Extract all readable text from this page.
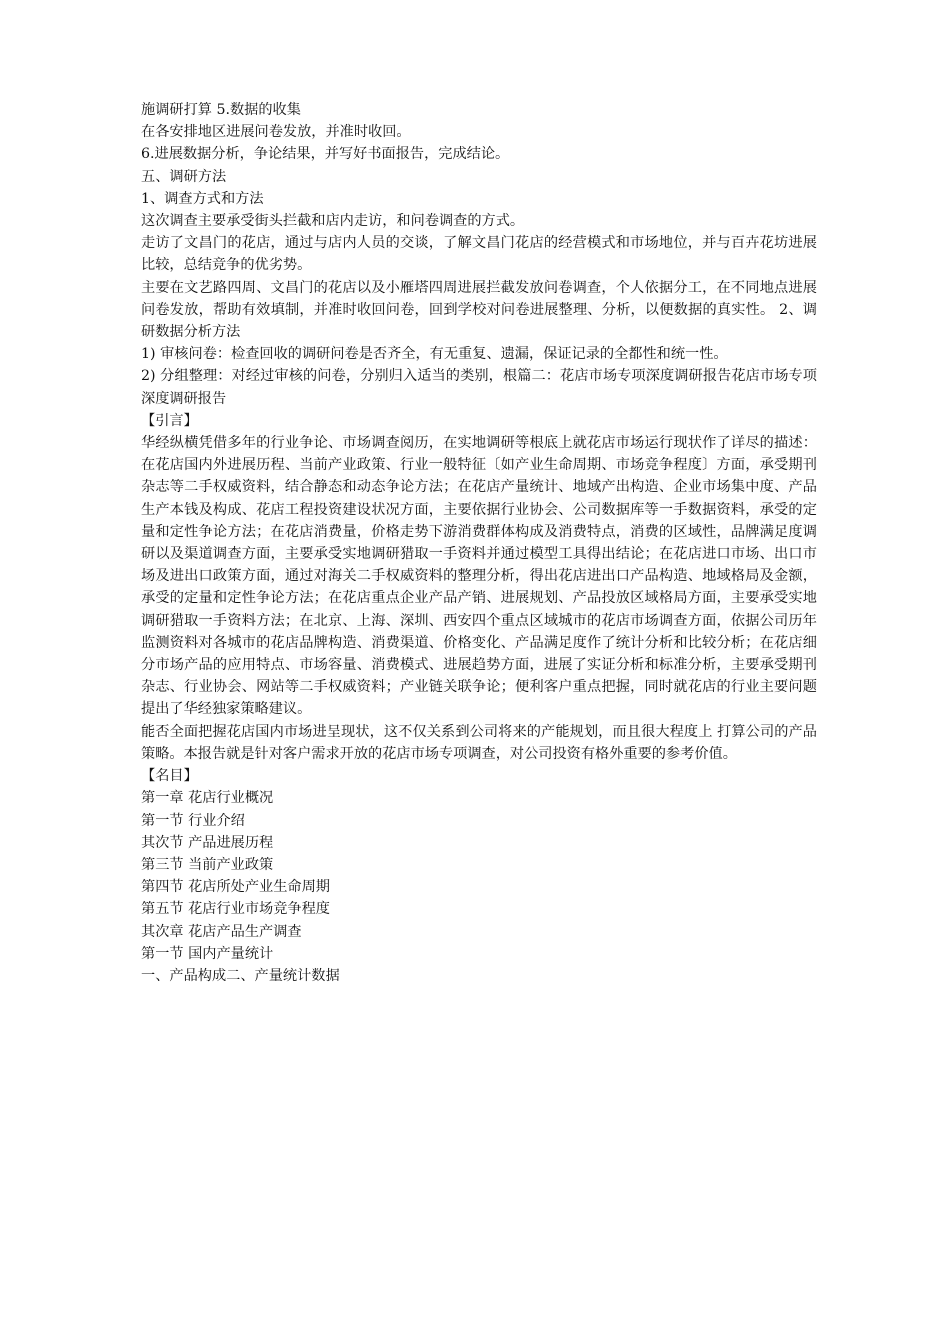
施调研打算 5.数据的收集

在各安排地区进展问卷发放，并准时收回。

6.进展数据分析，争论结果，并写好书面报告，完成结论。

五、调研方法

1、调查方式和方法

这次调查主要承受街头拦截和店内走访，和问卷调查的方式。

走访了文昌门的花店，通过与店内人员的交谈，了解文昌门花店的经营模式和市场地位，并与百卉花坊进展比较，总结竞争的优劣势。

主要在文艺路四周、文昌门的花店以及小雁塔四周进展拦截发放问卷调查，个人依据分工，在不同地点进展问卷发放，帮助有效填制，并准时收回问卷，回到学校对问卷进展整理、分析，以便数据的真实性。 2、调研数据分析方法

1) 审核问卷：检查回收的调研问卷是否齐全，有无重复、遗漏，保证记录的全都性和统一性。

2) 分组整理：对经过审核的问卷，分别归入适当的类别，根篇二：花店市场专项深度调研报告花店市场专项深度调研报告

【引言】

华经纵横凭借多年的行业争论、市场调查阅历，在实地调研等根底上就花店市场运行现状作了详尽的描述：在花店国内外进展历程、当前产业政策、行业一般特征〔如产业生命周期、市场竞争程度〕方面，承受期刊杂志等二手权威资料，结合静态和动态争论方法；在花店产量统计、地域产出构造、企业市场集中度、产品生产本钱及构成、花店工程投资建设状况方面，主要依据行业协会、公司数据库等一手数据资料，承受的定量和定性争论方法；在花店消费量，价格走势下游消费群体构成及消费特点，消费的区域性，品牌满足度调研以及渠道调查方面，主要承受实地调研猎取一手资料并通过模型工具得出结论；在花店进口市场、出口市场及进出口政策方面，通过对海关二手权威资料的整理分析，得出花店进出口产品构造、地域格局及金额，承受的定量和定性争论方法；在花店重点企业产品产销、进展规划、产品投放区域格局方面，主要承受实地调研猎取一手资料方法；在北京、上海、深圳、西安四个重点区域城市的花店市场调查方面，依据公司历年监测资料对各城市的花店品牌构造、消费渠道、价格变化、产品满足度作了统计分析和比较分析；在花店细分市场产品的应用特点、市场容量、消费模式、进展趋势方面，进展了实证分析和标准分析，主要承受期刊杂志、行业协会、网站等二手权威资料；产业链关联争论；便利客户重点把握，同时就花店的行业主要问题提出了华经独家策略建议。

能否全面把握花店国内市场进呈现状，这不仅关系到公司将来的产能规划，而且很大程度上 打算公司的产品策略。本报告就是针对客户需求开放的花店市场专项调查，对公司投资有格外重要的参考价值。

【名目】

第一章 花店行业概况

第一节 行业介绍

其次节 产品进展历程

第三节 当前产业政策

第四节 花店所处产业生命周期

第五节 花店行业市场竞争程度

其次章 花店产品生产调查

第一节 国内产量统计

一、产品构成二、产量统计数据
